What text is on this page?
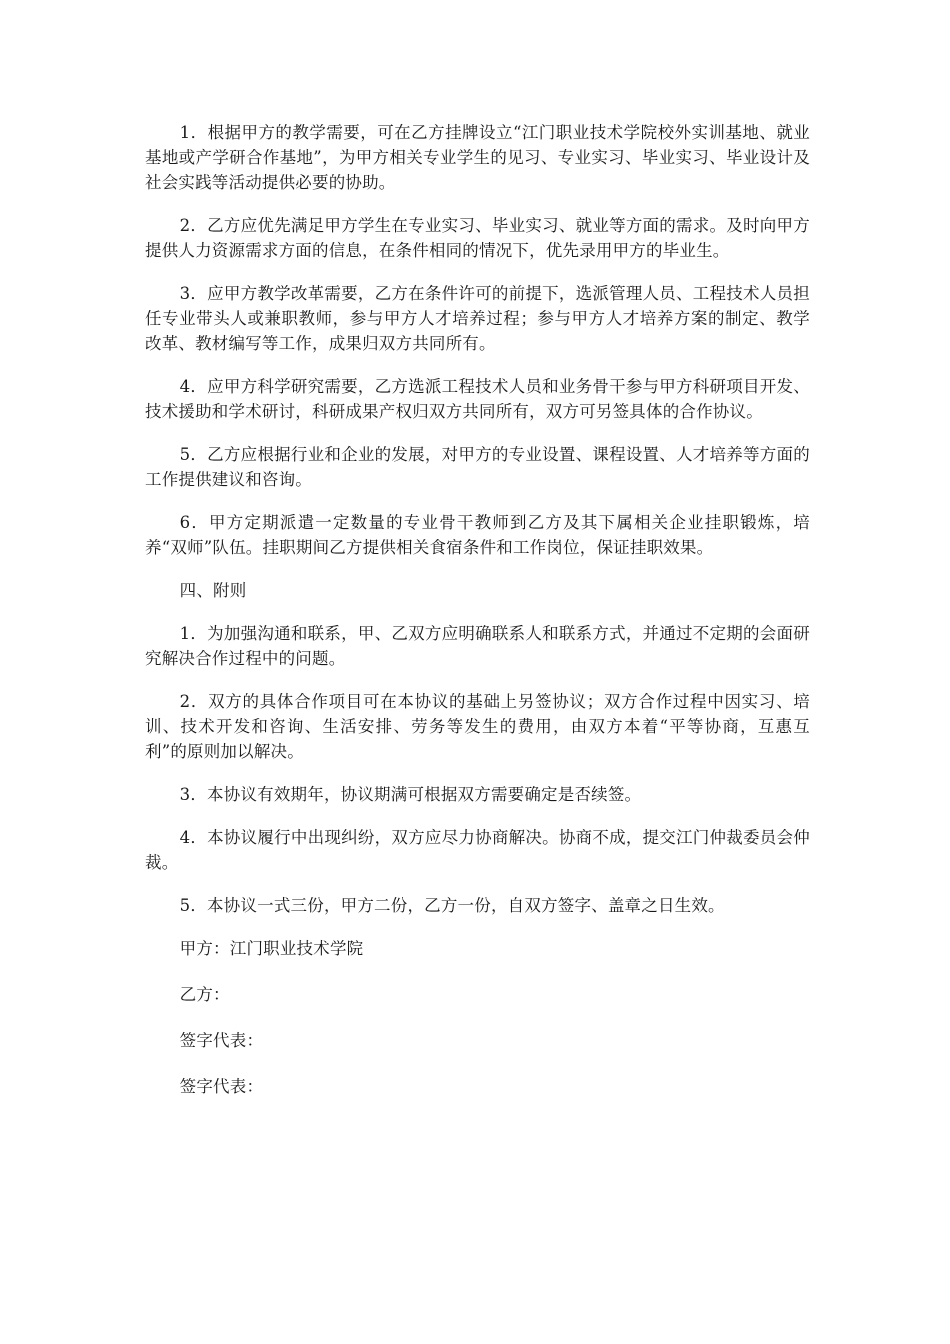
1．根据甲方的教学需要，可在乙方挂牌设立“江门职业技术学院校外实训基地、就业基地或产学研合作基地”，为甲方相关专业学生的见习、专业实习、毕业实习、毕业设计及社会实践等活动提供必要的协助。

2．乙方应优先满足甲方学生在专业实习、毕业实习、就业等方面的需求。及时向甲方提供人力资源需求方面的信息，在条件相同的情况下，优先录用甲方的毕业生。

3．应甲方教学改革需要，乙方在条件许可的前提下，选派管理人员、工程技术人员担任专业带头人或兼职教师，参与甲方人才培养过程；参与甲方人才培养方案的制定、教学改革、教材编写等工作，成果归双方共同所有。

4．应甲方科学研究需要，乙方选派工程技术人员和业务骨干参与甲方科研项目开发、技术援助和学术研讨，科研成果产权归双方共同所有，双方可另签具体的合作协议。

5．乙方应根据行业和企业的发展，对甲方的专业设置、课程设置、人才培养等方面的工作提供建议和咨询。

6．甲方定期派遣一定数量的专业骨干教师到乙方及其下属相关企业挂职锻炼，培养“双师”队伍。挂职期间乙方提供相关食宿条件和工作岗位，保证挂职效果。

四、附则

1．为加强沟通和联系，甲、乙双方应明确联系人和联系方式，并通过不定期的会面研究解决合作过程中的问题。

2．双方的具体合作项目可在本协议的基础上另签协议；双方合作过程中因实习、培训、技术开发和咨询、生活安排、劳务等发生的费用，由双方本着“平等协商，互惠互利”的原则加以解决。

3．本协议有效期年，协议期满可根据双方需要确定是否续签。

4．本协议履行中出现纠纷，双方应尽力协商解决。协商不成，提交江门仲裁委员会仲裁。

5．本协议一式三份，甲方二份，乙方一份，自双方签字、盖章之日生效。

甲方：江门职业技术学院

乙方：

签字代表：

签字代表：
